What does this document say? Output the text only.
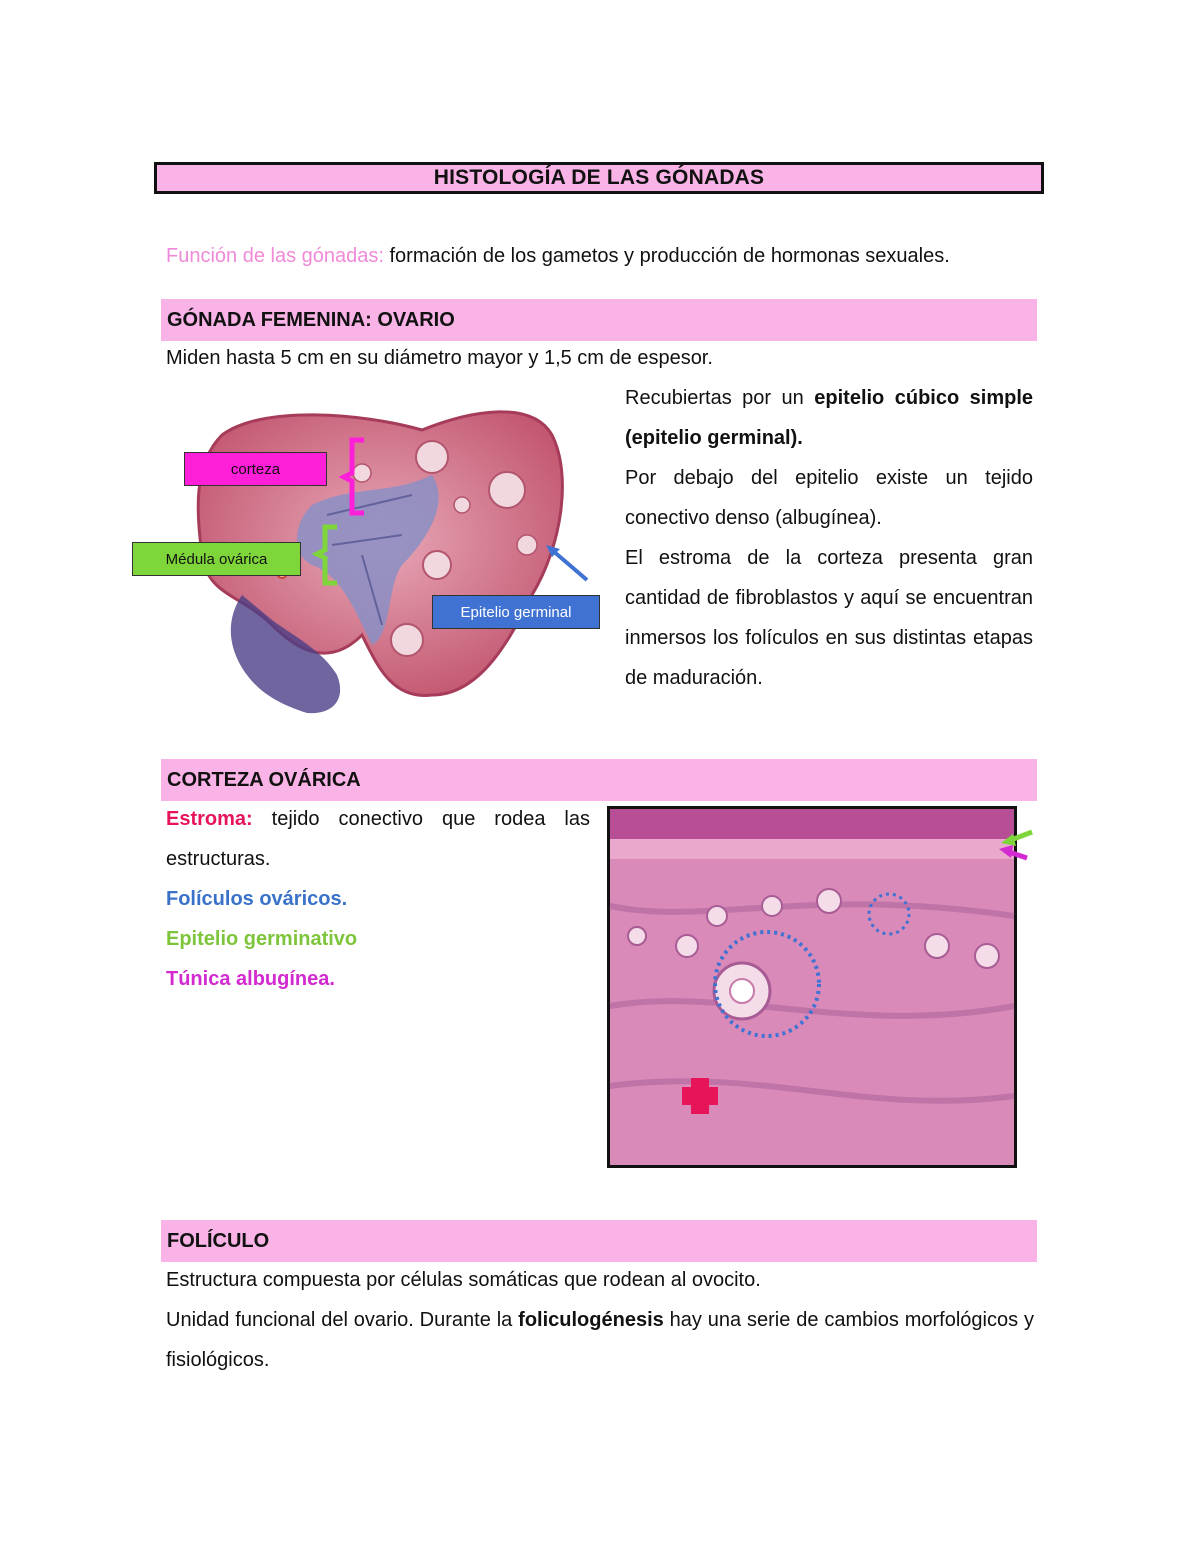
HISTOLOGÍA DE LAS GÓNADAS
Función de las gónadas: formación de los gametos y producción de hormonas sexuales.
GÓNADA FEMENINA: OVARIO
Miden hasta 5 cm en su diámetro mayor y 1,5 cm de espesor.
corteza
Médula ovárica
Epitelio germinal
Recubiertas por un epitelio cúbico simple (epitelio germinal).
Por debajo del epitelio existe un tejido conectivo denso (albugínea).
El estroma de la corteza presenta gran cantidad de fibroblastos y aquí se encuentran inmersos los folículos en sus distintas etapas de maduración.
CORTEZA OVÁRICA
Estroma: tejido conectivo que rodea las estructuras.
Folículos ováricos.
Epitelio germinativo
Túnica albugínea.
FOLÍCULO
Estructura compuesta por células somáticas que rodean al ovocito.
Unidad funcional del ovario. Durante la foliculogénesis hay una serie de cambios morfológicos y fisiológicos.
